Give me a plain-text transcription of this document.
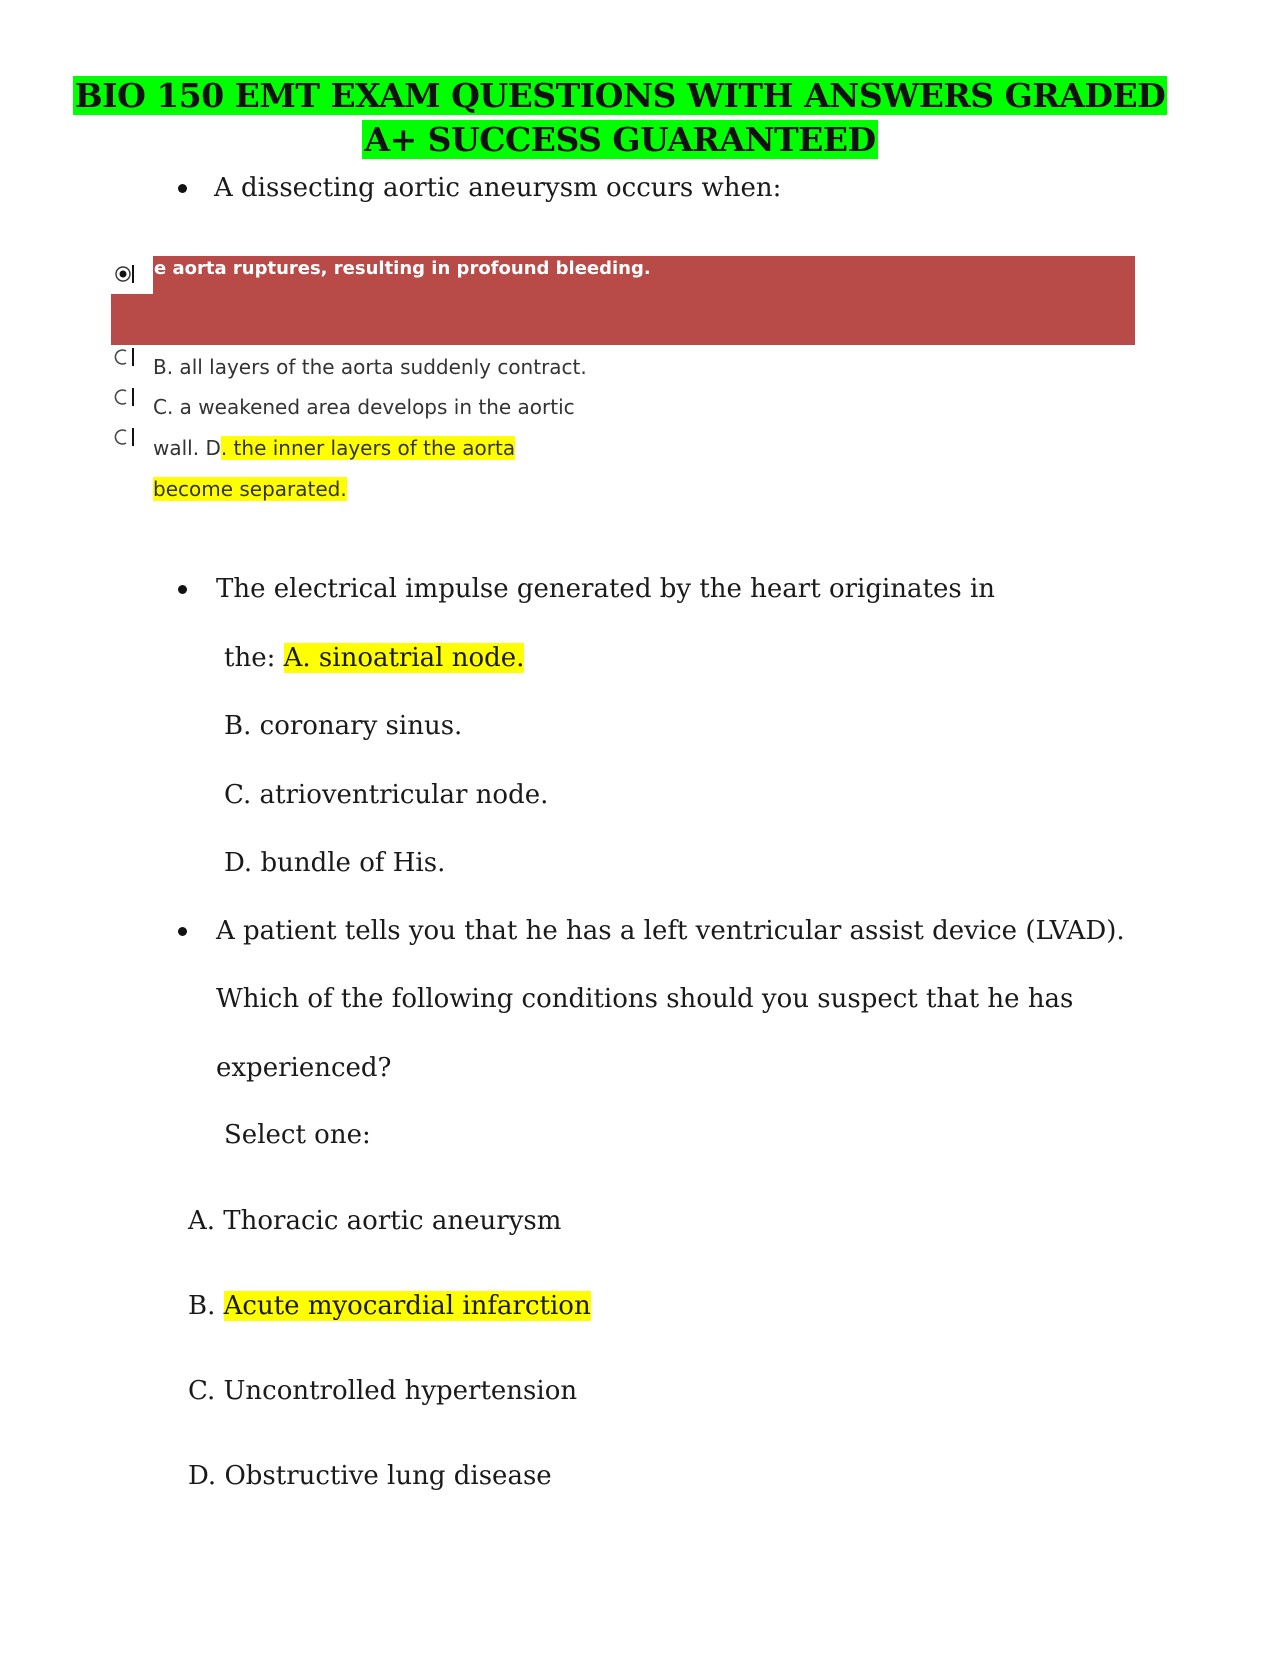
BIO 150 EMT EXAM QUESTIONS WITH ANSWERS GRADED
A+ SUCCESS GUARANTEED
A dissecting aortic aneurysm occurs when:
e aorta ruptures, resulting in profound bleeding.
B. all layers of the aorta suddenly contract.
C. a weakened area develops in the aortic
wall. D. the inner layers of the aorta
become separated.
The electrical impulse generated by the heart originates in
the: A. sinoatrial node.
B. coronary sinus.
C. atrioventricular node.
D. bundle of His.
A patient tells you that he has a left ventricular assist device (LVAD).
Which of the following conditions should you suspect that he has
experienced?
Select one:
A. Thoracic aortic aneurysm
B. Acute myocardial infarction
C. Uncontrolled hypertension
D. Obstructive lung disease
